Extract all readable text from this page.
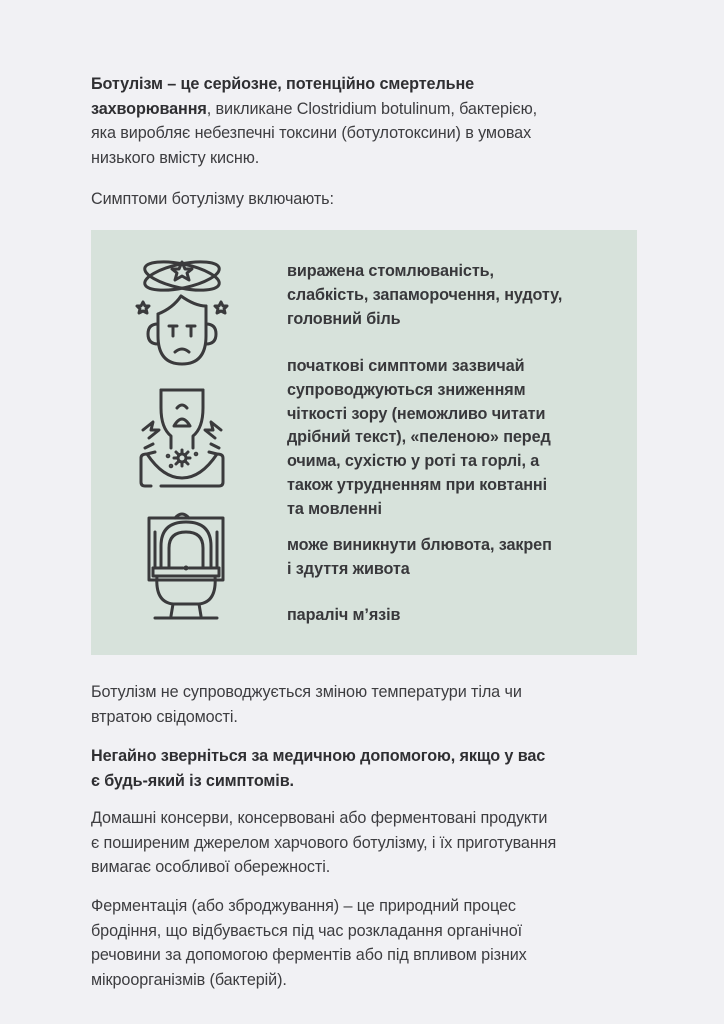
Ботулізм – це серйозне, потенційно смертельне
захворювання, викликане Clostridium botulinum, бактерією,
яка виробляє небезпечні токсини (ботулотоксини) в умовах
низького вмісту кисню.

Симптоми ботулізму включають:

виражена стомлюваність,
слабкість, запаморочення, нудоту,
головний біль

початкові симптоми зазвичай
супроводжуються зниженням
чіткості зору (неможливо читати
дрібний текст), «пеленою» перед
очима, сухістю у роті та горлі, а
також утрудненням при ковтанні
та мовленні

може виникнути блювота, закреп
і здуття живота

параліч м’язів

Ботулізм не супроводжується зміною температури тіла чи
втратою свідомості.

Негайно зверніться за медичною допомогою, якщо у вас
є будь-який із симптомів.

Домашні консерви, консервовані або ферментовані продукти
є поширеним джерелом харчового ботулізму, і їх приготування
вимагає особливої обережності.

Ферментація (або зброджування) – це природний процес
бродіння, що відбувається під час розкладання органічної
речовини за допомогою ферментів або під впливом різних
мікроорганізмів (бактерій).
